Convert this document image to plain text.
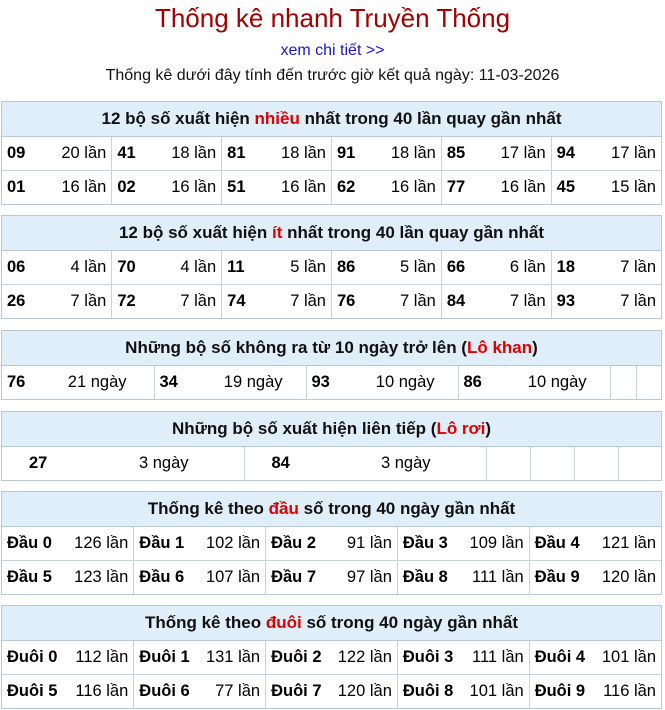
Thống kê nhanh Truyền Thống
xem chi tiết >>
Thống kê dưới đây tính đến trước giờ kết quả ngày: 11-03-2026
12 bộ số xuất hiện nhiều nhất trong 40 lần quay gần nhất
09 20 lần	41 18 lần	81 18 lần	91 18 lần	85 17 lần	94 17 lần

01 16 lần	02 16 lần	51 16 lần	62 16 lần	77 16 lần	45 15 lần
12 bộ số xuất hiện ít nhất trong 40 lần quay gần nhất
06 4 lần	70 4 lần	11 5 lần	86 5 lần	66 6 lần	18 7 lần

26 7 lần	72 7 lần	74 7 lần	76 7 lần	84 7 lần	93 7 lần
Những bộ số không ra từ 10 ngày trở lên (Lô khan)
76	21 ngày	34	19 ngày	93	10 ngày	86	10 ngày

Những bộ số xuất hiện liên tiếp (Lô rơi)
27	3 ngày	84	3 ngày

Thống kê theo đầu số trong 40 ngày gần nhất
Đầu 0 126 lần	Đầu 1 102 lần	Đầu 2 91 lần	Đầu 3 109 lần	Đầu 4 121 lần

Đầu 5 123 lần	Đầu 6 107 lần	Đầu 7 97 lần	Đầu 8 111 lần	Đầu 9 120 lần
Thống kê theo đuôi số trong 40 ngày gần nhất
Đuôi 0 112 lần	Đuôi 1 131 lần	Đuôi 2 122 lần	Đuôi 3 111 lần	Đuôi 4 101 lần

Đuôi 5 116 lần	Đuôi 6 77 lần	Đuôi 7 120 lần	Đuôi 8 101 lần	Đuôi 9 116 lần
